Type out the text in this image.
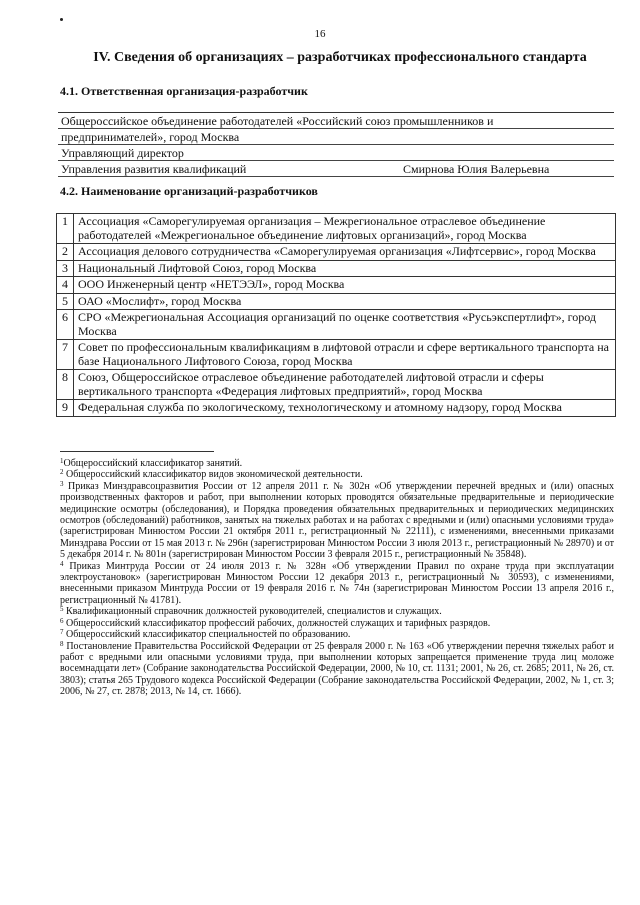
16
IV. Сведения об организациях – разработчиках профессионального стандарта
4.1. Ответственная организация-разработчик
Общероссийское объединение работодателей «Российский союз промышленников и
предпринимателей», город Москва
Управляющий директор
Управления развития квалификаций	Смирнова Юлия Валерьевна
4.2. Наименование организаций-разработчиков
1	Ассоциация «Саморегулируемая организация – Межрегиональное отраслевое объединение работодателей «Межрегиональное объединение лифтовых организаций», город Москва
2	Ассоциация делового сотрудничества «Саморегулируемая организация «Лифтсервис», город Москва
3	Национальный Лифтовой Союз, город Москва
4	ООО Инженерный центр «НЕТЭЭЛ», город Москва
5	ОАО «Мослифт», город Москва
6	СРО «Межрегиональная Ассоциация организаций по оценке соответствия «Русьэкспертлифт», город Москва
7	Совет по профессиональным квалификациям в лифтовой отрасли и сфере вертикального транспорта на базе Национального Лифтового Союза, город Москва
8	Союз, Общероссийское отраслевое объединение работодателей лифтовой отрасли и сферы вертикального транспорта «Федерация лифтовых предприятий», город Москва
9	Федеральная служба по экологическому, технологическому и атомному надзору, город Москва

$^1$Общероссийский классификатор занятий.

$^2$ Общероссийский классификатор видов экономической деятельности.

$^3$ Приказ Минздравсоцразвития России от 12 апреля 2011 г. № 302н «Об утверждении перечней вредных и (или) опасных производственных факторов и работ, при выполнении которых проводятся обязательные предварительные и периодические медицинские осмотры (обследования), и Порядка проведения обязательных предварительных и периодических медицинских осмотров (обследований) работников, занятых на тяжелых работах и на работах с вредными и (или) опасными условиями труда» (зарегистрирован Минюстом России 21 октября 2011 г., регистрационный № 22111), с изменениями, внесенными приказами Минздрава России от 15 мая 2013 г. № 296н (зарегистрирован Минюстом России 3 июля 2013 г., регистрационный № 28970) и от 5 декабря 2014 г. № 801н (зарегистрирован Минюстом России 3 февраля 2015 г., регистрационный № 35848).

$^4$ Приказ Минтруда России от 24 июля 2013 г. № 328н «Об утверждении Правил по охране труда при эксплуатации электроустановок» (зарегистрирован Минюстом России 12 декабря 2013 г., регистрационный № 30593), с изменениями, внесенными приказом Минтруда России от 19 февраля 2016 г. № 74н (зарегистрирован Минюстом России 13 апреля 2016 г., регистрационный № 41781).

$^5$ Квалификационный справочник должностей руководителей, специалистов и служащих.

$^6$ Общероссийский классификатор профессий рабочих, должностей служащих и тарифных разрядов.

$^7$ Общероссийский классификатор специальностей по образованию.

$^8$ Постановление Правительства Российской Федерации от 25 февраля 2000 г. № 163 «Об утверждении перечня тяжелых работ и работ с вредными или опасными условиями труда, при выполнении которых запрещается применение труда лиц моложе восемнадцати лет» (Собрание законодательства Российской Федерации, 2000, № 10, ст. 1131; 2001, № 26, ст. 2685; 2011, № 26, ст. 3803); статья 265 Трудового кодекса Российской Федерации (Собрание законодательства Российской Федерации, 2002, № 1, ст. 3; 2006, № 27, ст. 2878; 2013, № 14, ст. 1666).
